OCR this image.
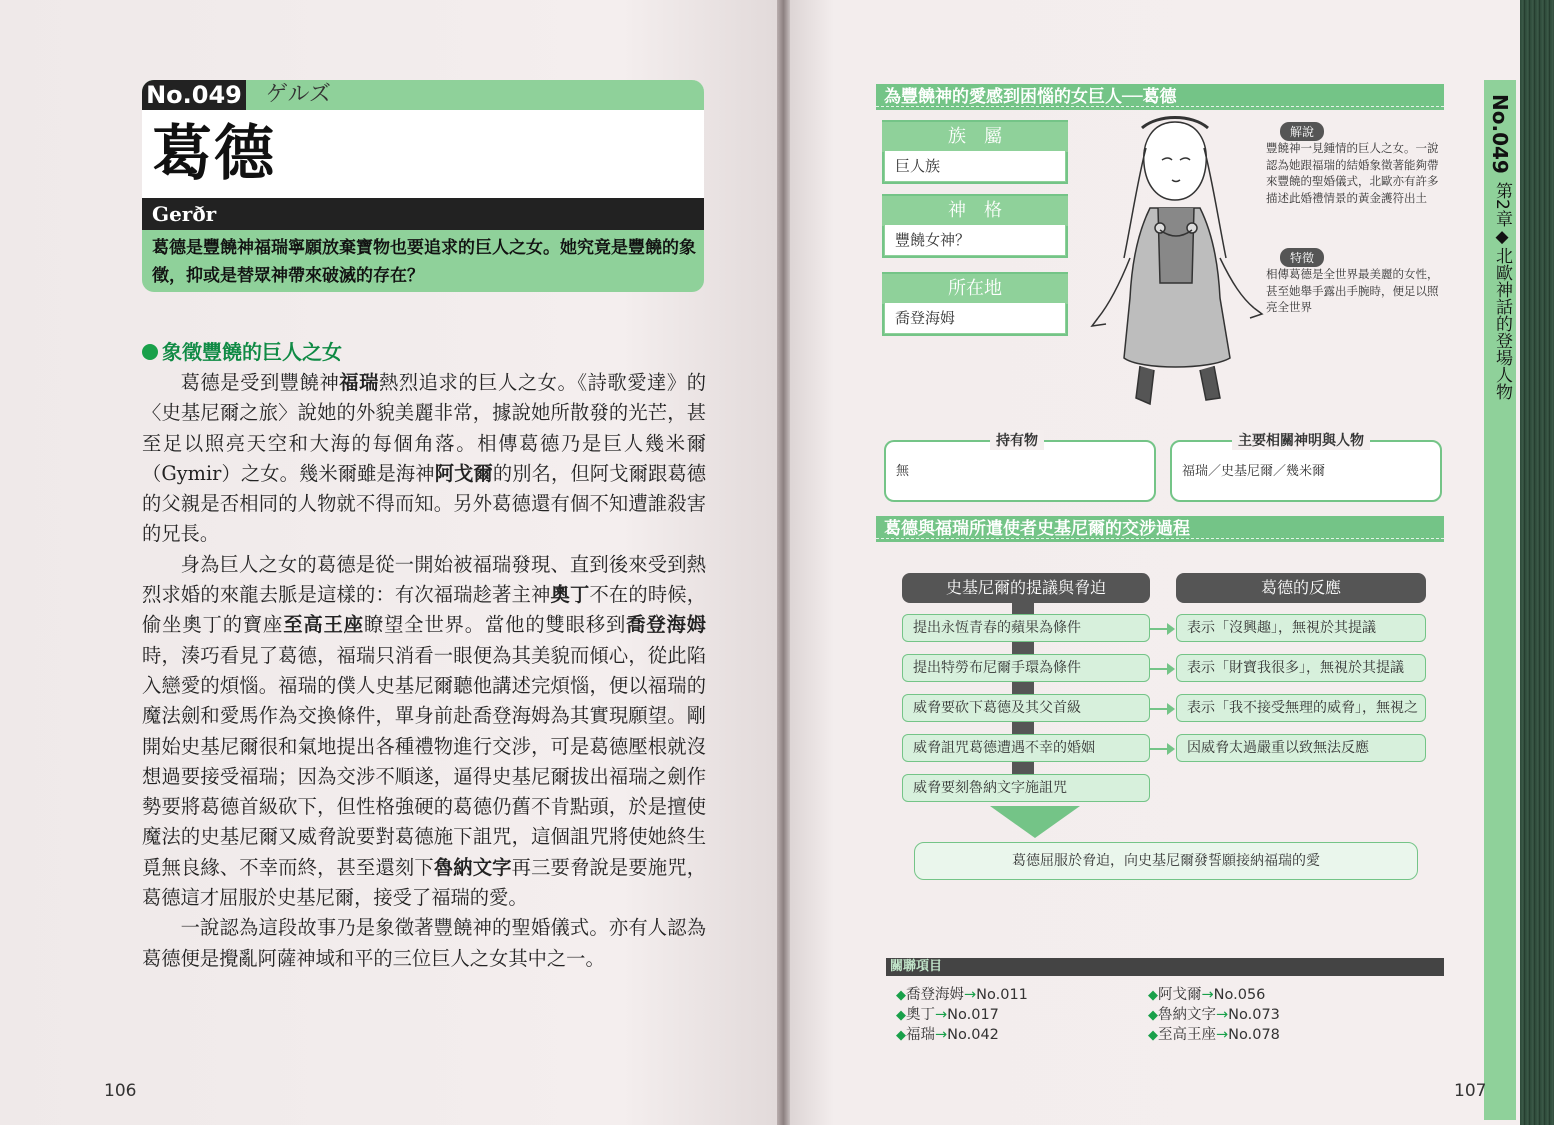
No.049 ゲルズ
葛德
Gerðr
葛德是豐饒神福瑞寧願放棄寶物也要追求的巨人之女。她究竟是豐饒的象徵，抑或是替眾神帶來破滅的存在？
象徵豐饒的巨人之女

葛德是受到豐饒神福瑞熱烈追求的巨人之女。《詩歌愛達》的〈史基尼爾之旅〉說她的外貌美麗非常，據說她所散發的光芒，甚至足以照亮天空和大海的每個角落。相傳葛德乃是巨人幾米爾（Gymir）之女。幾米爾雖是海神阿戈爾的別名，但阿戈爾跟葛德的父親是否相同的人物就不得而知。另外葛德還有個不知遭誰殺害的兄長。

身為巨人之女的葛德是從一開始被福瑞發現、直到後來受到熱烈求婚的來龍去脈是這樣的：有次福瑞趁著主神奧丁不在的時候，偷坐奧丁的寶座至高王座瞭望全世界。當他的雙眼移到喬登海姆時，湊巧看見了葛德，福瑞只消看一眼便為其美貌而傾心，從此陷入戀愛的煩惱。福瑞的僕人史基尼爾聽他講述完煩惱，便以福瑞的魔法劍和愛馬作為交換條件，單身前赴喬登海姆為其實現願望。剛開始史基尼爾很和氣地提出各種禮物進行交涉，可是葛德壓根就沒想過要接受福瑞；因為交涉不順遂，逼得史基尼爾拔出福瑞之劍作勢要將葛德首級砍下，但性格強硬的葛德仍舊不肯點頭，於是擅使魔法的史基尼爾又威脅說要對葛德施下詛咒，這個詛咒將使她終生覓無良緣、不幸而終，甚至還刻下魯納文字再三要脅說是要施咒，葛德這才屈服於史基尼爾，接受了福瑞的愛。

一說認為這段故事乃是象徵著豐饒神的聖婚儀式。亦有人認為葛德便是攪亂阿薩神域和平的三位巨人之女其中之一。

106
為豐饒神的愛感到困惱的女巨人──葛德
族　屬
巨人族
神　格
豐饒女神？
所在地
喬登海姆
解說
豐饒神一見鍾情的巨人之女。一說認為她跟福瑞的結婚象徵著能夠帶來豐饒的聖婚儀式，北歐亦有許多描述此婚禮情景的黃金護符出土
特徵
相傳葛德是全世界最美麗的女性，甚至她舉手露出手腕時，便足以照亮全世界
持有物
無
主要相關神明與人物
福瑞／史基尼爾／幾米爾
葛德與福瑞所遣使者史基尼爾的交涉過程
史基尼爾的提議與脅迫	葛德的反應
提出永恆青春的蘋果為條件
提出特勞布尼爾手環為條件
威脅要砍下葛德及其父首級
威脅詛咒葛德遭遇不幸的婚姻
威脅要刻魯納文字施詛咒
表示「沒興趣」，無視於其提議
表示「財寶我很多」，無視於其提議
表示「我不接受無理的威脅」，無視之
因威脅太過嚴重以致無法反應
葛德屈服於脅迫，向史基尼爾發誓願接納福瑞的愛
關聯項目
◆喬登海姆→No.011
◆奧丁→No.017
◆福瑞→No.042
◆阿戈爾→No.056
◆魯納文字→No.073
◆至高王座→No.078
No.049
第2章◆北歐神話的登場人物
107
